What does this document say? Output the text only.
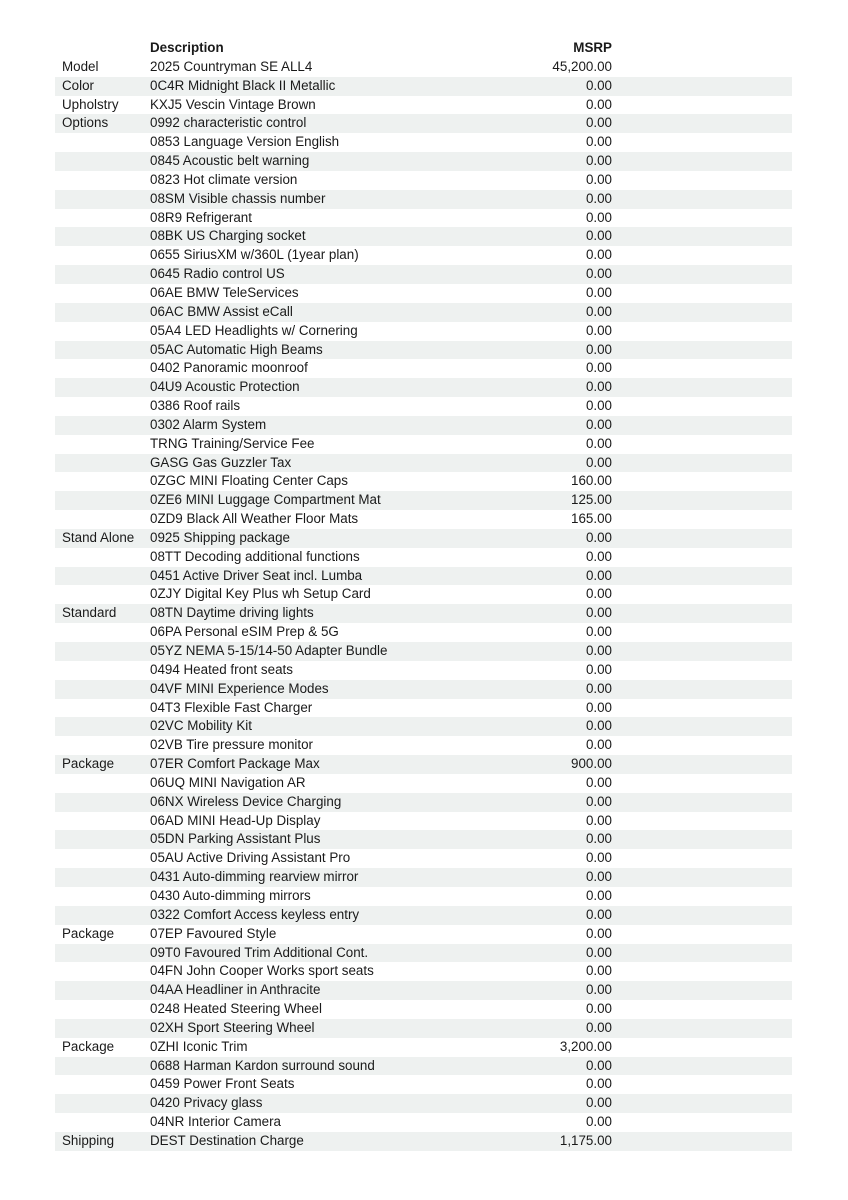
	Description	MSRP	
Model	2025 Countryman SE ALL4	45,200.00	
Color	0C4R Midnight Black II Metallic	0.00	
Upholstry	KXJ5 Vescin Vintage Brown	0.00	
Options	0992 characteristic control	0.00	
	0853 Language Version English	0.00	
	0845 Acoustic belt warning	0.00	
	0823 Hot climate version	0.00	
	08SM Visible chassis number	0.00	
	08R9 Refrigerant	0.00	
	08BK US Charging socket	0.00	
	0655 SiriusXM w/360L (1year plan)	0.00	
	0645 Radio control US	0.00	
	06AE BMW TeleServices	0.00	
	06AC BMW Assist eCall	0.00	
	05A4 LED Headlights w/ Cornering	0.00	
	05AC Automatic High Beams	0.00	
	0402 Panoramic moonroof	0.00	
	04U9 Acoustic Protection	0.00	
	0386 Roof rails	0.00	
	0302 Alarm System	0.00	
	TRNG Training/Service Fee	0.00	
	GASG Gas Guzzler Tax	0.00	
	0ZGC MINI Floating Center Caps	160.00	
	0ZE6 MINI Luggage Compartment Mat	125.00	
	0ZD9 Black All Weather Floor Mats	165.00	
Stand Alone	0925 Shipping package	0.00	
	08TT Decoding additional functions	0.00	
	0451 Active Driver Seat incl. Lumba	0.00	
	0ZJY Digital Key Plus wh Setup Card	0.00	
Standard	08TN Daytime driving lights	0.00	
	06PA Personal eSIM Prep & 5G	0.00	
	05YZ NEMA 5-15/14-50 Adapter Bundle	0.00	
	0494 Heated front seats	0.00	
	04VF MINI Experience Modes	0.00	
	04T3 Flexible Fast Charger	0.00	
	02VC Mobility Kit	0.00	
	02VB Tire pressure monitor	0.00	
Package	07ER Comfort Package Max	900.00	
	06UQ MINI Navigation AR	0.00	
	06NX Wireless Device Charging	0.00	
	06AD MINI Head-Up Display	0.00	
	05DN Parking Assistant Plus	0.00	
	05AU Active Driving Assistant Pro	0.00	
	0431 Auto-dimming rearview mirror	0.00	
	0430 Auto-dimming mirrors	0.00	
	0322 Comfort Access keyless entry	0.00	
Package	07EP Favoured Style	0.00	
	09T0 Favoured Trim Additional Cont.	0.00	
	04FN John Cooper Works sport seats	0.00	
	04AA Headliner in Anthracite	0.00	
	0248 Heated Steering Wheel	0.00	
	02XH Sport Steering Wheel	0.00	
Package	0ZHI Iconic Trim	3,200.00	
	0688 Harman Kardon surround sound	0.00	
	0459 Power Front Seats	0.00	
	0420 Privacy glass	0.00	
	04NR Interior Camera	0.00	
Shipping	DEST Destination Charge	1,175.00	
